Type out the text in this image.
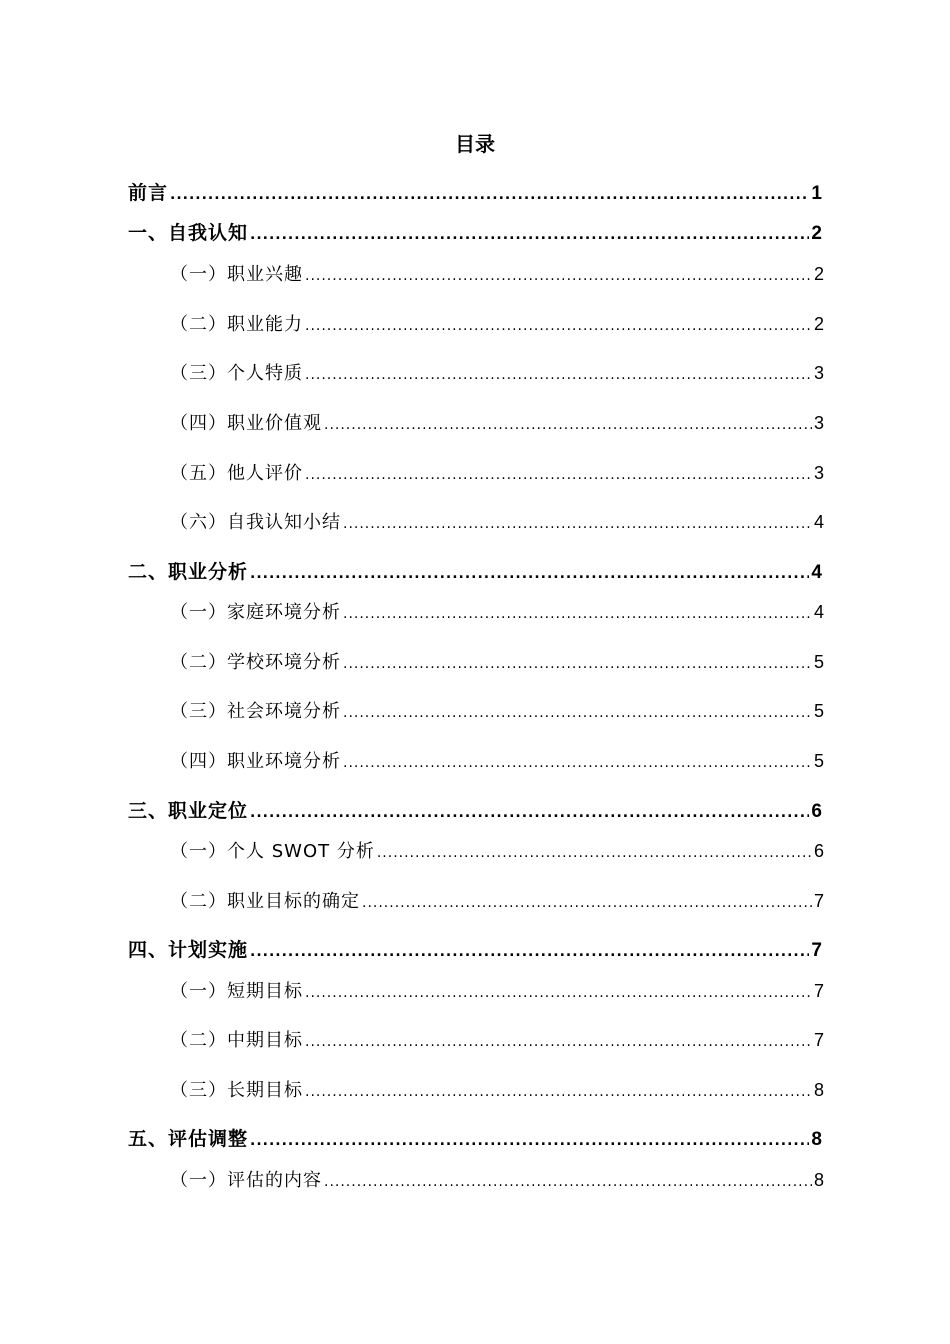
目录
前言 .....	1
一、自我认知 .....	2
（一）职业兴趣 .....	2
（二）职业能力 .....	2
（三）个人特质 .....	3
（四）职业价值观 .....	3
（五）他人评价 .....	3
（六）自我认知小结 .....	4
二、职业分析 .....	4
（一）家庭环境分析 .....	4
（二）学校环境分析 .....	5
（三）社会环境分析 .....	5
（四）职业环境分析 .....	5
三、职业定位 .....	6
（一）个人 SWOT 分析 .....	6
（二）职业目标的确定 .....	7
四、计划实施 .....	7
（一）短期目标 .....	7
（二）中期目标 .....	7
（三）长期目标 .....	8
五、评估调整 .....	8
（一）评估的内容 .....	8
